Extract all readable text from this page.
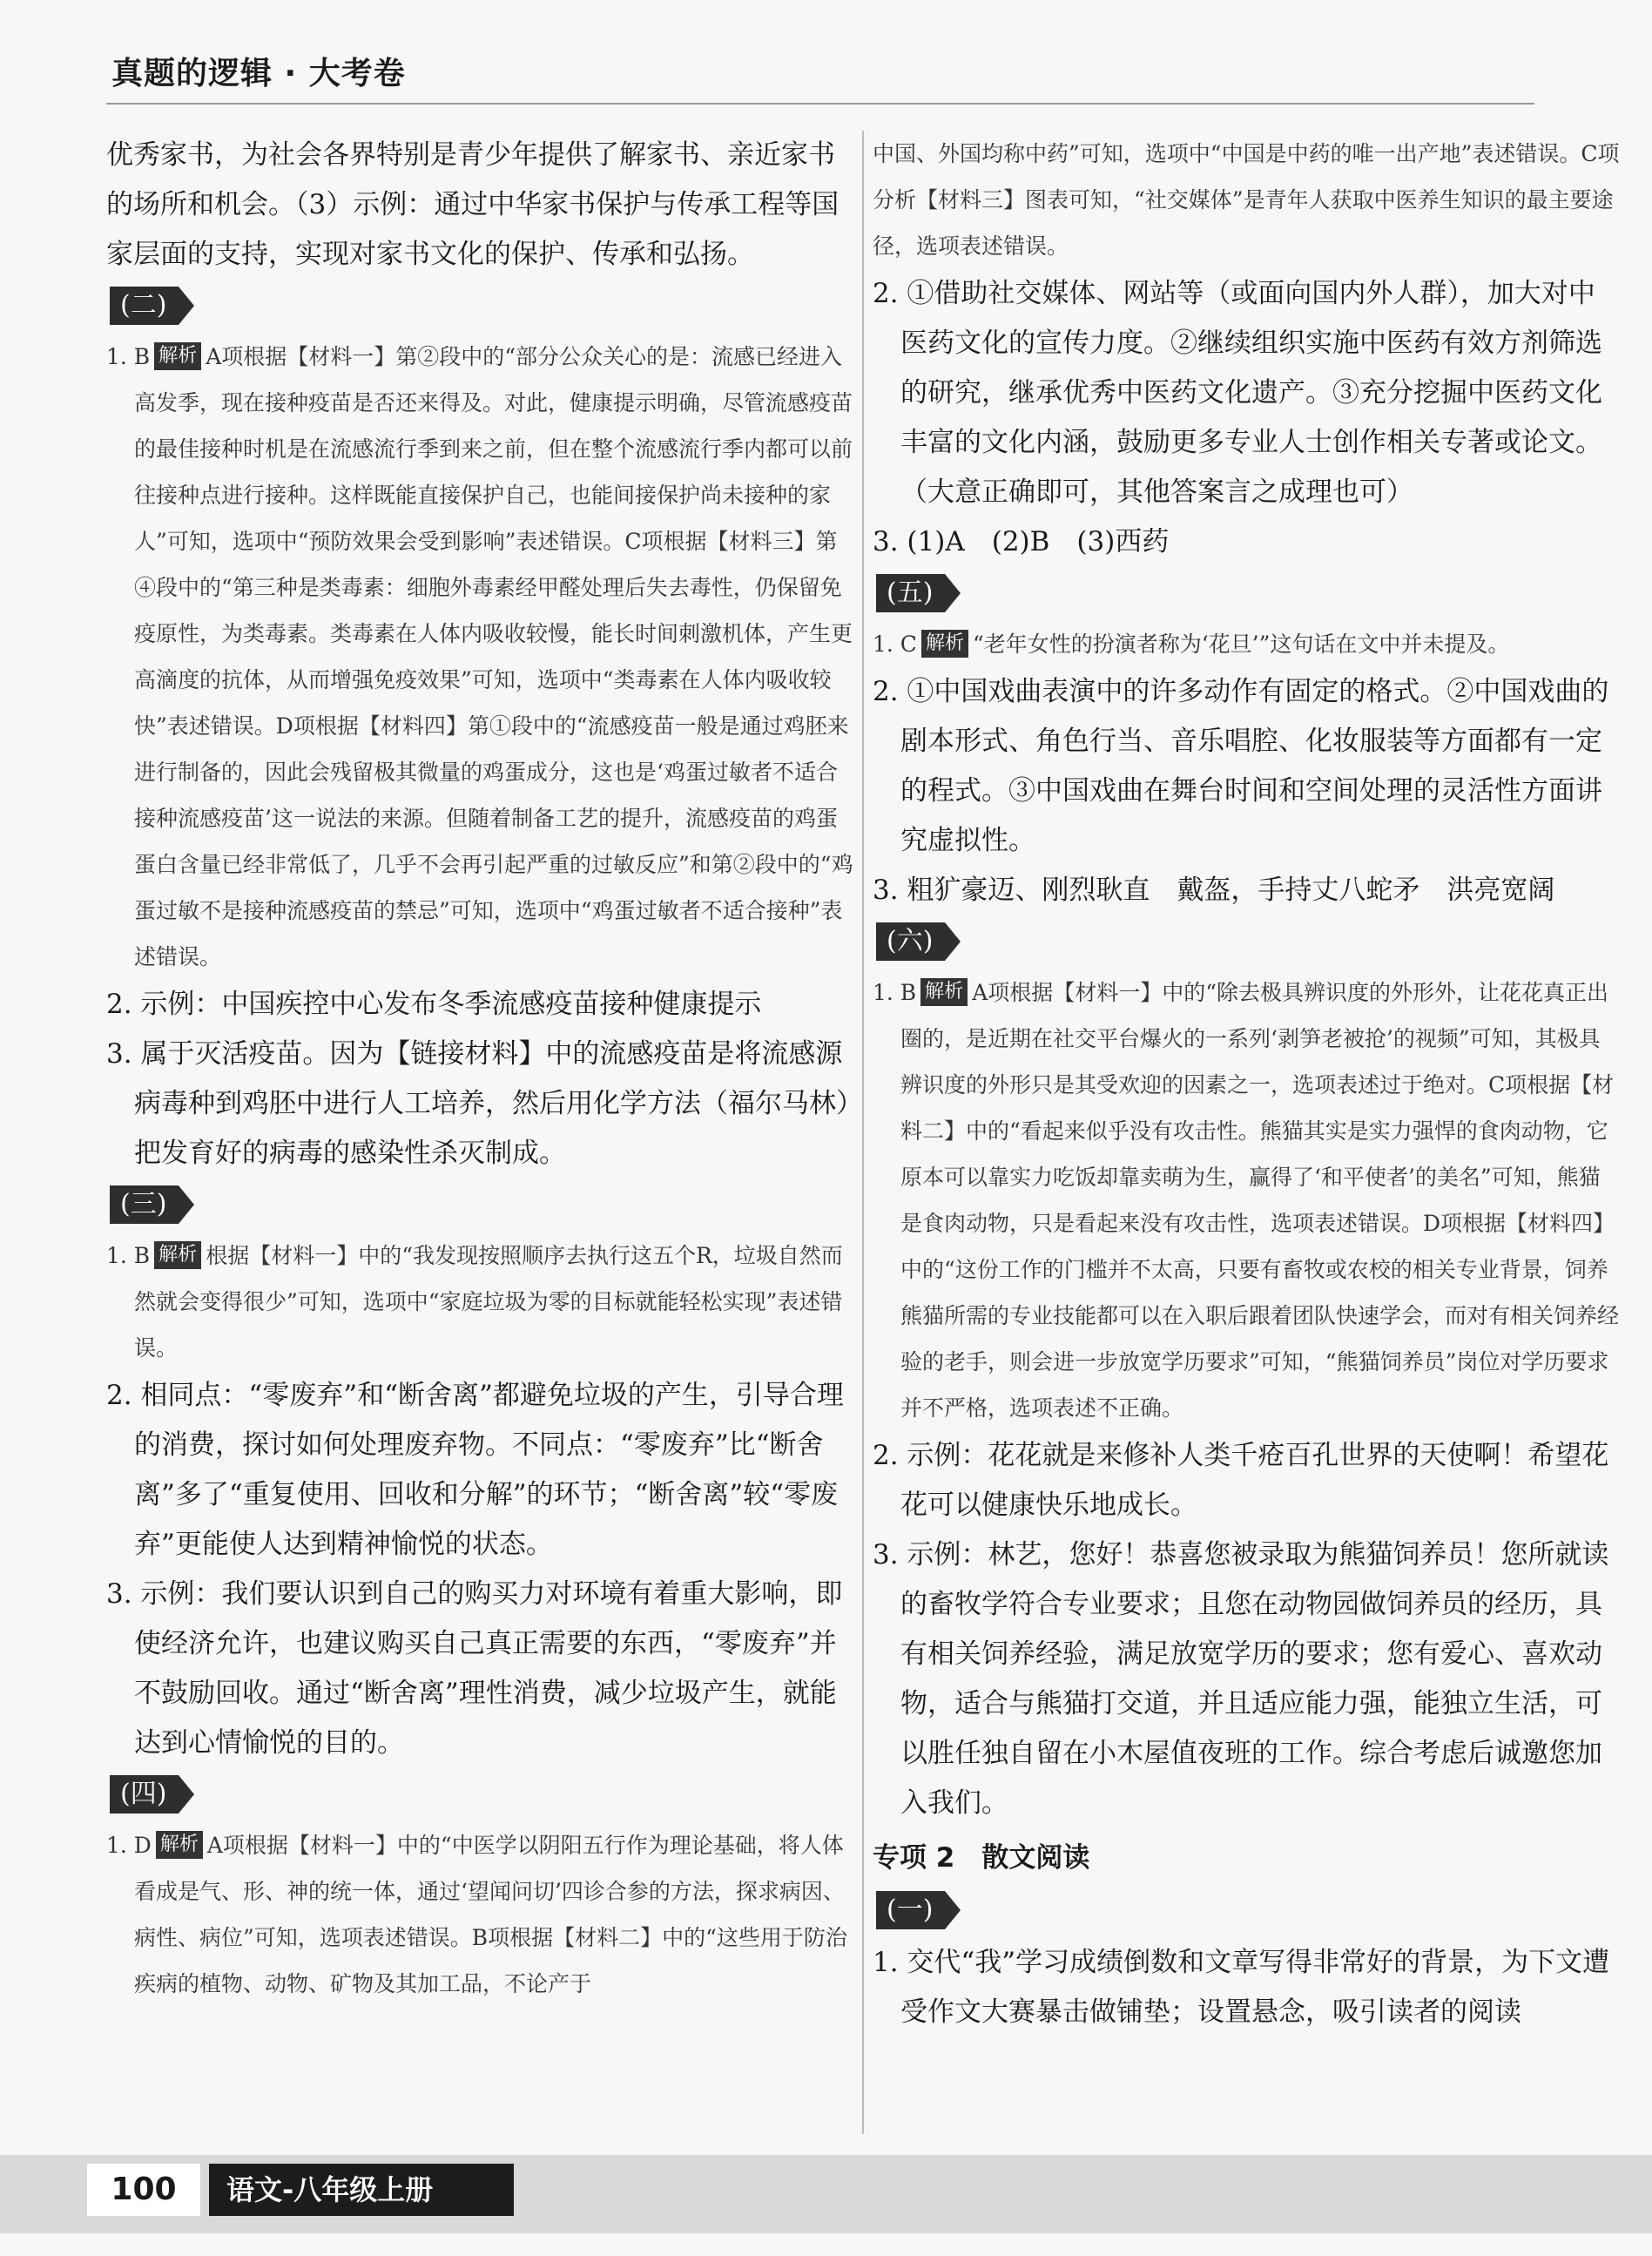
真题的逻辑 · 大考卷

优秀家书，为社会各界特别是青少年提供了解家书、亲近家书的场所和机会。（3）示例：通过中华家书保护与传承工程等国家层面的支持，实现对家书文化的保护、传承和弘扬。

(二)

1. B 解析 A项根据【材料一】第②段中的“部分公众关心的是：流感已经进入高发季，现在接种疫苗是否还来得及。对此，健康提示明确，尽管流感疫苗的最佳接种时机是在流感流行季到来之前，但在整个流感流行季内都可以前往接种点进行接种。这样既能直接保护自己，也能间接保护尚未接种的家人”可知，选项中“预防效果会受到影响”表述错误。C项根据【材料三】第④段中的“第三种是类毒素：细胞外毒素经甲醛处理后失去毒性，仍保留免疫原性，为类毒素。类毒素在人体内吸收较慢，能长时间刺激机体，产生更高滴度的抗体，从而增强免疫效果”可知，选项中“类毒素在人体内吸收较快”表述错误。D项根据【材料四】第①段中的“流感疫苗一般是通过鸡胚来进行制备的，因此会残留极其微量的鸡蛋成分，这也是‘鸡蛋过敏者不适合接种流感疫苗’这一说法的来源。但随着制备工艺的提升，流感疫苗的鸡蛋蛋白含量已经非常低了，几乎不会再引起严重的过敏反应”和第②段中的“鸡蛋过敏不是接种流感疫苗的禁忌”可知，选项中“鸡蛋过敏者不适合接种”表述错误。

2. 示例：中国疾控中心发布冬季流感疫苗接种健康提示

3. 属于灭活疫苗。因为【链接材料】中的流感疫苗是将流感源病毒种到鸡胚中进行人工培养，然后用化学方法（福尔马林）把发育好的病毒的感染性杀灭制成。

(三)

1. B 解析 根据【材料一】中的“我发现按照顺序去执行这五个R，垃圾自然而然就会变得很少”可知，选项中“家庭垃圾为零的目标就能轻松实现”表述错误。

2. 相同点：“零废弃”和“断舍离”都避免垃圾的产生，引导合理的消费，探讨如何处理废弃物。不同点：“零废弃”比“断舍离”多了“重复使用、回收和分解”的环节；“断舍离”较“零废弃”更能使人达到精神愉悦的状态。

3. 示例：我们要认识到自己的购买力对环境有着重大影响，即使经济允许，也建议购买自己真正需要的东西，“零废弃”并不鼓励回收。通过“断舍离”理性消费，减少垃圾产生，就能达到心情愉悦的目的。

(四)

1. D 解析 A项根据【材料一】中的“中医学以阴阳五行作为理论基础，将人体看成是气、形、神的统一体，通过‘望闻问切’四诊合参的方法，探求病因、病性、病位”可知，选项表述错误。B项根据【材料二】中的“这些用于防治疾病的植物、动物、矿物及其加工品，不论产于

中国、外国均称中药”可知，选项中“中国是中药的唯一出产地”表述错误。C项分析【材料三】图表可知，“社交媒体”是青年人获取中医养生知识的最主要途径，选项表述错误。

2. ①借助社交媒体、网站等（或面向国内外人群），加大对中医药文化的宣传力度。②继续组织实施中医药有效方剂筛选的研究，继承优秀中医药文化遗产。③充分挖掘中医药文化丰富的文化内涵，鼓励更多专业人士创作相关专著或论文。（大意正确即可，其他答案言之成理也可）

3. (1)A　(2)B　(3)西药

(五)

1. C 解析 “老年女性的扮演者称为‘花旦’”这句话在文中并未提及。

2. ①中国戏曲表演中的许多动作有固定的格式。②中国戏曲的剧本形式、角色行当、音乐唱腔、化妆服装等方面都有一定的程式。③中国戏曲在舞台时间和空间处理的灵活性方面讲究虚拟性。

3. 粗犷豪迈、刚烈耿直　戴盔，手持丈八蛇矛　洪亮宽阔

(六)

1. B 解析 A项根据【材料一】中的“除去极具辨识度的外形外，让花花真正出圈的，是近期在社交平台爆火的一系列‘剥笋老被抢’的视频”可知，其极具辨识度的外形只是其受欢迎的因素之一，选项表述过于绝对。C项根据【材料二】中的“看起来似乎没有攻击性。熊猫其实是实力强悍的食肉动物，它原本可以靠实力吃饭却靠卖萌为生，赢得了‘和平使者’的美名”可知，熊猫是食肉动物，只是看起来没有攻击性，选项表述错误。D项根据【材料四】中的“这份工作的门槛并不太高，只要有畜牧或农校的相关专业背景，饲养熊猫所需的专业技能都可以在入职后跟着团队快速学会，而对有相关饲养经验的老手，则会进一步放宽学历要求”可知，“熊猫饲养员”岗位对学历要求并不严格，选项表述不正确。

2. 示例：花花就是来修补人类千疮百孔世界的天使啊！希望花花可以健康快乐地成长。

3. 示例：林艺，您好！恭喜您被录取为熊猫饲养员！您所就读的畜牧学符合专业要求；且您在动物园做饲养员的经历，具有相关饲养经验，满足放宽学历的要求；您有爱心、喜欢动物，适合与熊猫打交道，并且适应能力强，能独立生活，可以胜任独自留在小木屋值夜班的工作。综合考虑后诚邀您加入我们。

专项 2　散文阅读
(一)

1. 交代“我”学习成绩倒数和文章写得非常好的背景，为下文遭受作文大赛暴击做铺垫；设置悬念，吸引读者的阅读

100	语文-八年级上册
